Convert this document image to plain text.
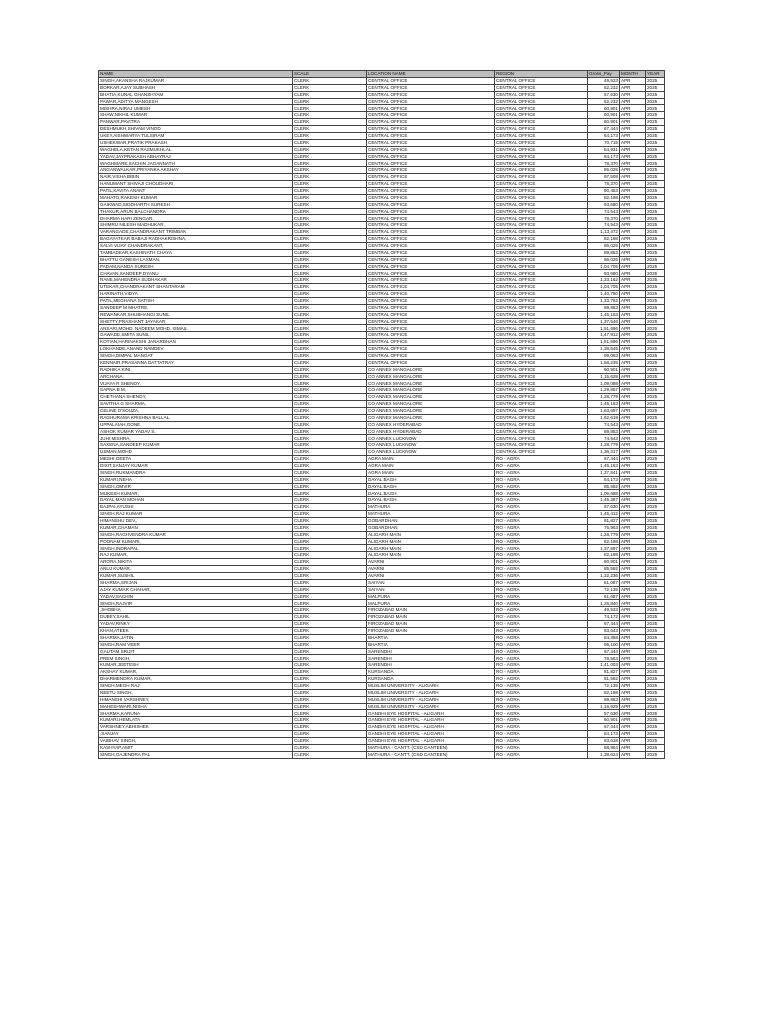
NAME	SCALE	LOCATION NAME	REGION	Gross_Pay	MONTH	YEAR
SINGH,AKANSHA RAJKUMAR	CLERK	CENTRAL OFFICE	CENTRAL OFFICE	49,533	APR	2025
BORKAR,AJAY SUBHASH	CLERK	CENTRAL OFFICE	CENTRAL OFFICE	52,232	APR	2025
BHATIA,KUNAL GHANSHYAM	CLERK	CENTRAL OFFICE	CENTRAL OFFICE	57,630	APR	2025
PAWAR,ADITYA MANGESH	CLERK	CENTRAL OFFICE	CENTRAL OFFICE	52,232	APR	2025
MISHRA,NIRAJ UMESH	CLERK	CENTRAL OFFICE	CENTRAL OFFICE	60,901	APR	2025
SHAW,NIKHIL KUMAR	CLERK	CENTRAL OFFICE	CENTRAL OFFICE	60,901	APR	2025
PANWAR,PAVITRA	CLERK	CENTRAL OFFICE	CENTRAL OFFICE	60,901	APR	2025
DESHMUKH,SHIVAM VINOD	CLERK	CENTRAL OFFICE	CENTRAL OFFICE	67,444	APR	2025
UKEY,AISHWARYA TULSIRAM	CLERK	CENTRAL OFFICE	CENTRAL OFFICE	64,173	APR	2025
USHEKWAR,PRATIK PRAKASH	CLERK	CENTRAL OFFICE	CENTRAL OFFICE	70,715	APR	2025
WAGHELA,KETAN RASMUKHLAL	CLERK	CENTRAL OFFICE	CENTRAL OFFICE	54,931	APR	2025
YADAV,JAYPRAKASH ABHAYRAJ	CLERK	CENTRAL OFFICE	CENTRAL OFFICE	64,173	APR	2025
WAGHMARE,SACHIN JAGANNATH	CLERK	CENTRAL OFFICE	CENTRAL OFFICE	78,370	APR	2025
ANGANWALKAR,PRIYANKA AKSHAY	CLERK	CENTRAL OFFICE	CENTRAL OFFICE	86,025	APR	2025
NAIR,VISHA BIBIN	CLERK	CENTRAL OFFICE	CENTRAL OFFICE	97,508	APR	2025
HANUMANT SHIVAJI CHOUDHARI,	CLERK	CENTRAL OFFICE	CENTRAL OFFICE	78,370	APR	2025
PATIL,KAVITA ANANT	CLERK	CENTRAL OFFICE	CENTRAL OFFICE	90,453	APR	2025
MAHATO,RAKESH KUMAR	CLERK	CENTRAL OFFICE	CENTRAL OFFICE	82,198	APR	2025
GAIKWAD,SIDDHARTH SURESH	CLERK	CENTRAL OFFICE	CENTRAL OFFICE	93,680	APR	2025
THAKUR,ARUN BALCHANDRA	CLERK	CENTRAL OFFICE	CENTRAL OFFICE	74,543	APR	2025
DHARMA HARI ZENGAR,	CLERK	CENTRAL OFFICE	CENTRAL OFFICE	78,370	APR	2025
SHIMRU NILESH MADHUKAR,	CLERK	CENTRAL OFFICE	CENTRAL OFFICE	74,543	APR	2025
VARANGADE,CHANDRAKANT TRIMBAK	CLERK	CENTRAL OFFICE	CENTRAL OFFICE	1,13,472	APR	2025
BAGAYATKAR BABAJI RADHAKRISHNA,	CLERK	CENTRAL OFFICE	CENTRAL OFFICE	82,198	APR	2025
SALVI VIJAY CHANDRAKANT,	CLERK	CENTRAL OFFICE	CENTRAL OFFICE	86,025	APR	2025
TAMBADKAR,KASHINATH CHAYA	CLERK	CENTRAL OFFICE	CENTRAL OFFICE	89,853	APR	2025
BHATTU GANESH LAXMAN,	CLERK	CENTRAL OFFICE	CENTRAL OFFICE	86,025	APR	2025
PADAM,NANDA SURESH	CLERK	CENTRAL OFFICE	CENTRAL OFFICE	1,04,705	APR	2025
CHAVAN,SANDEEP DYANU	CLERK	CENTRAL OFFICE	CENTRAL OFFICE	93,680	APR	2025
RANE,MAHENDRA SUDHAKAR	CLERK	CENTRAL OFFICE	CENTRAL OFFICE	1,33,162	APR	2025
UTEKAR,CHANDRAKANT SHANTARAM	CLERK	CENTRAL OFFICE	CENTRAL OFFICE	1,04,705	APR	2025
HARINATH,VIDYA	CLERK	CENTRAL OFFICE	CENTRAL OFFICE	1,40,780	APR	2025
PATIL,MEGHANA SATISH	CLERK	CENTRAL OFFICE	CENTRAL OFFICE	1,33,762	APR	2025
SANDEEP M MHATRE,	CLERK	CENTRAL OFFICE	CENTRAL OFFICE	89,853	APR	2025
REWANKAR,SHUBHANGI SUNIL	CLERK	CENTRAL OFFICE	CENTRAL OFFICE	1,45,163	APR	2025
SHETTY,PRASHANT JAYAKAR	CLERK	CENTRAL OFFICE	CENTRAL OFFICE	1,37,546	APR	2025
ANSARI,MOHD. NADEEM MOHD. ISMAIL	CLERK	CENTRAL OFFICE	CENTRAL OFFICE	1,51,696	APR	2025
GAWADE,SMITA SUNIL	CLERK	CENTRAL OFFICE	CENTRAL OFFICE	1,47,912	APR	2025
KOTIAN,HARINAKSHI JANARDHAN	CLERK	CENTRAL OFFICE	CENTRAL OFFICE	1,51,696	APR	2025
LOKHANDE,ANAND NAMDEV	CLERK	CENTRAL OFFICE	CENTRAL OFFICE	1,38,545	APR	2025
SINGH,DIMPAL MANGAT	CLERK	CENTRAL OFFICE	CENTRAL OFFICE	99,093	APR	2025
KENNAIR,PRASANNA DATTATRAY	CLERK	CENTRAL OFFICE	CENTRAL OFFICE	1,58,235	APR	2025
RADHIKA KINI,	CLERK	CO ANNEX MANGALORE	CENTRAL OFFICE	60,901	APR	2025
ARCHANA,	CLERK	CO ANNEX MANGALORE	CENTRAL OFFICE	1,15,628	APR	2025
VIJAYA R SHENOY,	CLERK	CO ANNEX MANGALORE	CENTRAL OFFICE	1,09,088	APR	2025
SAPNA B M,	CLERK	CO ANNEX MANGALORE	CENTRAL OFFICE	1,29,857	APR	2025
CHETHANA SHENOY,	CLERK	CO ANNEX MANGALORE	CENTRAL OFFICE	1,28,779	APR	2025
SAVITHA G SHARMA,	CLERK	CO ANNEX MANGALORE	CENTRAL OFFICE	1,45,163	APR	2025
CELINE D'SOUZA,	CLERK	CO ANNEX MANGALORE	CENTRAL OFFICE	1,63,697	APR	2025
RAGHURAMA KRISHNA BALLAL,	CLERK	CO ANNEX MANGALORE	CENTRAL OFFICE	1,62,619	APR	2025
UPPALAIAH,GONE	CLERK	CO ANNEX HYDERABAD	CENTRAL OFFICE	74,543	APR	2025
ASHOK KUMAR YADAV S,	CLERK	CO ANNEX HYDERABAD	CENTRAL OFFICE	89,853	APR	2025
JUHI MISHRA,	CLERK	CO ANNEX LUCKNOW	CENTRAL OFFICE	74,543	APR	2025
SAXENA,SANDEEP KUMAR	CLERK	CO ANNEX LUCKNOW	CENTRAL OFFICE	1,28,779	APR	2025
USMAN,MOHD	CLERK	CO ANNEX LUCKNOW	CENTRAL OFFICE	1,36,317	APR	2025
MESHI,GEETA	CLERK	AGRA MAIN	RO - AGRA	67,444	APR	2025
DIXIT,SANJAY KUMAR	CLERK	AGRA MAIN	RO - AGRA	1,45,163	APR	2025
SINGH,RUKMANDRA	CLERK	AGRA MAIN	RO - AGRA	1,37,841	APR	2025
KUMARI,NEHA	CLERK	DAYAL BAGH	RO - AGRA	64,173	APR	2025
SINGH,OMVIR	CLERK	DAYAL BAGH	RO - AGRA	85,592	APR	2025
MUKESH KUMAR,	CLERK	DAYAL BAGH	RO - AGRA	1,09,688	APR	2025
DAYAL,MAN MOHAN	CLERK	DAYAL BAGH	RO - AGRA	1,45,387	APR	2025
BAJPAI,AYUSHI	CLERK	MATHURA	RO - AGRA	57,630	APR	2025
SINGH,RAJ KUMAR	CLERK	MATHURA	RO - AGRA	1,45,412	APR	2025
HIMANSHU DEV,,	CLERK	GOBARDHAN	RO - AGRA	81,827	APR	2025
KUMAR,CHAMAN	CLERK	GOBARDHAN	RO - AGRA	75,963	APR	2025
SINGH,RAGHVENDRA KUMAR	CLERK	ALIGARH MAIN	RO - AGRA	1,28,779	APR	2025
POONAM KUMARI,	CLERK	ALIGARH MAIN	RO - AGRA	82,198	APR	2025
SINGH,INDRAPAL	CLERK	ALIGARH MAIN	RO - AGRA	1,37,697	APR	2025
RAJ KUMAR,	CLERK	ALIGARH MAIN	RO - AGRA	82,198	APR	2025
ARORA,NIKITA	CLERK	AVARNI	RO - AGRA	60,901	APR	2025
ANUJ KUMAR,	CLERK	AVARNI	RO - AGRA	85,592	APR	2025
KUMAR,SUSHIL	CLERK	AVARNI	RO - AGRA	1,32,236	APR	2025
SHARMA,SRIJAN	CLERK	SAIYAN	RO - AGRA	61,087	APR	2025
AJAY KUMAR CHAHAR,	CLERK	SAIYAN	RO - AGRA	72,135	APR	2025
YADAV,SACHIN	CLERK	MALPURA	RO - AGRA	61,687	APR	2025
SINGH,RAJVIR	CLERK	MALPURA	RO - AGRA	1,25,840	APR	2025
,SHOBHA	CLERK	FIROZABAD MAIN	RO - AGRA	49,533	APR	2025
DUBEY,SAHIL	CLERK	FIROZABAD MAIN	RO - AGRA	74,172	APR	2025
YADAV,RINKY	CLERK	FIROZABAD MAIN	RO - AGRA	67,444	APR	2025
KHAN,ATEEK	CLERK	FIROZABAD MAIN	RO - AGRA	83,643	APR	2025
SHARMA,JATIN	CLERK	BHARTIA	RO - AGRA	64,358	APR	2025
SINGH,RAM VEER	CLERK	BHARTIA	RO - AGRA	95,100	APR	2025
GAUTAM,SRIJIT	CLERK	SARENDHI	RO - AGRA	67,444	APR	2025
PREM SINGH,	CLERK	SARENDHI	RO - AGRA	76,563	APR	2025
KUMAR,JEETESH	CLERK	SARENDHI	RO - AGRA	1,41,003	APR	2025
AKSHAY KUMAR,	CLERK	KURSANDA	RO - AGRA	81,827	APR	2025
DHARMENDRA KUMAR,	CLERK	KURSANDA	RO - AGRA	81,592	APR	2025
SINGH,MEGH RAJ	CLERK	MUSLIM UNIVERSITY - ALIGARH	RO - AGRA	72,135	APR	2025
NEETU SINGH,	CLERK	MUSLIM UNIVERSITY - ALIGARH	RO - AGRA	82,198	APR	2025
HIMANSHI VARSHNEY,	CLERK	MUSLIM UNIVERSITY - ALIGARH	RO - AGRA	89,853	APR	2025
MAHESHWARI,NISHA	CLERK	MUSLIM UNIVERSITY - ALIGARH	RO - AGRA	1,16,929	APR	2025
SHARMA,KARUNA	CLERK	GANDHI EYE HOSPITAL - ALIGARH	RO - AGRA	57,630	APR	2025
KUMARI,HEMLATA	CLERK	GANDHI EYE HOSPITAL - ALIGARH	RO - AGRA	60,901	APR	2025
VARSHNEY,ABHISHEK	CLERK	GANDHI EYE HOSPITAL - ALIGARH	RO - AGRA	67,444	APR	2025
,SANJAY	CLERK	GANDHI EYE HOSPITAL - ALIGARH	RO - AGRA	64,173	APR	2025
VAIBHAV SINGH,	CLERK	GANDHI EYE HOSPITAL - ALIGARH	RO - AGRA	83,618	APR	2025
KASHYAP,AMIT	CLERK	MATHURA - CANTT. (CSD CANTEEN)	RO - AGRA	68,864	APR	2025
SINGH,GAJENDRA PAL	CLERK	MATHURA - CANTT. (CSD CANTEEN)	RO - AGRA	1,38,624	APR	2025
